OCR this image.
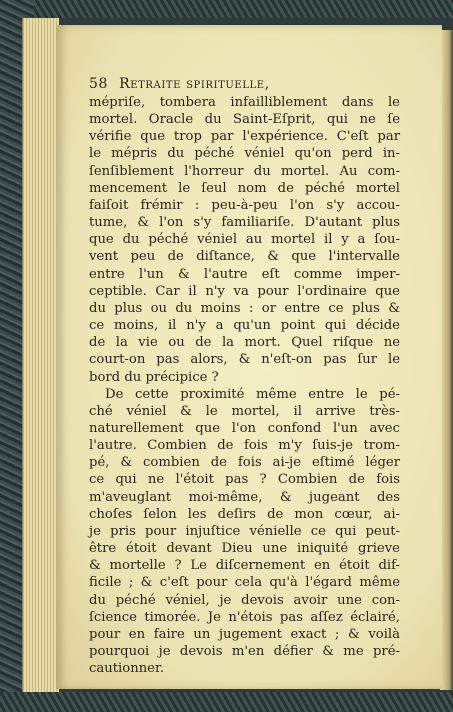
58 Retraite spirituelle,
mépriſe, tombera infailliblement dans le
mortel. Oracle du Saint-Eſprit, qui ne ſe
vérifie que trop par l'expérience. C'eſt par
le mépris du péché véniel qu'on perd in-
ſenſiblement l'horreur du mortel. Au com-
mencement le ſeul nom de péché mortel
faiſoit frémir : peu-à-peu l'on s'y accou-
tume, & l'on s'y familiariſe. D'autant plus
que du péché véniel au mortel il y a ſou-
vent peu de diſtance, & que l'intervalle
entre l'un & l'autre eſt comme imper-
ceptible. Car il n'y va pour l'ordinaire que
du plus ou du moins : or entre ce plus &
ce moins, il n'y a qu'un point qui décide
de la vie ou de la mort. Quel riſque ne
court-on pas alors, & n'eſt-on pas ſur le
bord du précipice ?
De cette proximité même entre le pé-
ché véniel & le mortel, il arrive très-
naturellement que l'on confond l'un avec
l'autre. Combien de fois m'y ſuis-je trom-
pé, & combien de fois ai-je eſtimé léger
ce qui ne l'étoit pas ? Combien de fois
m'aveuglant moi-même, & jugeant des
choſes ſelon les deſirs de mon cœur, ai-
je pris pour injuſtice vénielle ce qui peut-
être étoit devant Dieu une iniquité grieve
& mortelle ? Le diſcernement en étoit dif-
ficile ; & c'eſt pour cela qu'à l'égard même
du péché véniel, je devois avoir une con-
ſcience timorée. Je n'étois pas aſſez éclairé,
pour en faire un jugement exact ; & voilà
pourquoi je devois m'en défier & me pré-
cautionner.
